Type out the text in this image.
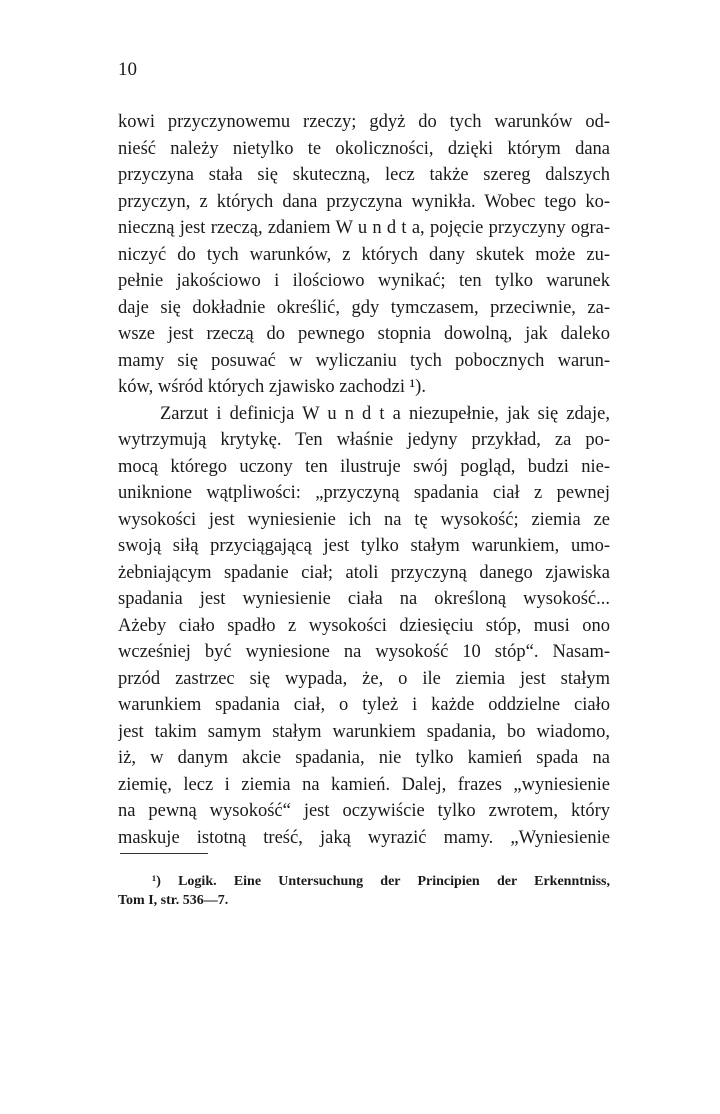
10
kowi przyczynowemu rzeczy; gdyż do tych warunków od-
nieść należy nietylko te okoliczności, dzięki którym dana
przyczyna stała się skuteczną, lecz także szereg dalszych
przyczyn, z których dana przyczyna wynikła. Wobec tego ko-
nieczną jest rzeczą, zdaniem W u n d t a, pojęcie przyczyny ogra-
niczyć do tych warunków, z których dany skutek może zu-
pełnie jakościowo i ilościowo wynikać; ten tylko warunek
daje się dokładnie określić, gdy tymczasem, przeciwnie, za-
wsze jest rzeczą do pewnego stopnia dowolną, jak daleko
mamy się posuwać w wyliczaniu tych pobocznych warun-
ków, wśród których zjawisko zachodzi ¹).
Zarzut i definicja W u n d t a niezupełnie, jak się zdaje,
wytrzymują krytykę. Ten właśnie jedyny przykład, za po-
mocą którego uczony ten ilustruje swój pogląd, budzi nie-
uniknione wątpliwości: „przyczyną spadania ciał z pewnej
wysokości jest wyniesienie ich na tę wysokość; ziemia ze
swoją siłą przyciągającą jest tylko stałym warunkiem, umo-
żebniającym spadanie ciał; atoli przyczyną danego zjawiska
spadania jest wyniesienie ciała na określoną wysokość...
Ażeby ciało spadło z wysokości dziesięciu stóp, musi ono
wcześniej być wyniesione na wysokość 10 stóp“. Nasam-
przód zastrzec się wypada, że, o ile ziemia jest stałym
warunkiem spadania ciał, o tyleż i każde oddzielne ciało
jest takim samym stałym warunkiem spadania, bo wiadomo,
iż, w danym akcie spadania, nie tylko kamień spada na
ziemię, lecz i ziemia na kamień. Dalej, frazes „wyniesienie
na pewną wysokość“ jest oczywiście tylko zwrotem, który
maskuje istotną treść, jaką wyrazić mamy. „Wyniesienie
¹) Logik. Eine Untersuchung der Principien der Erkenntniss,
Tom I, str. 536—7.
